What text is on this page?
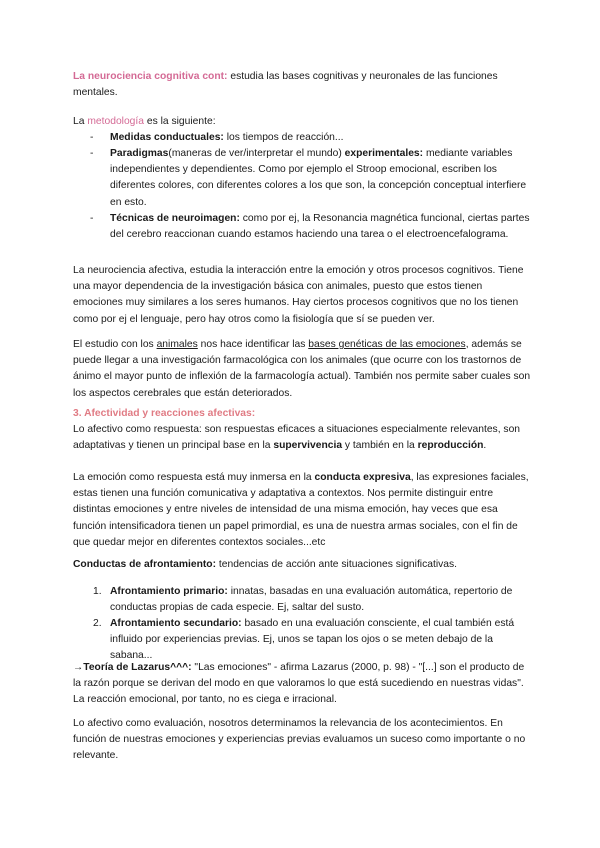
La neurociencia cognitiva cont: estudia las bases cognitivas y neuronales de las funciones mentales.

La metodología es la siguiente:

- Medidas conductuales: los tiempos de reacción...

- Paradigmas(maneras de ver/interpretar el mundo) experimentales: mediante variables independientes y dependientes. Como por ejemplo el Stroop emocional, escriben los diferentes colores, con diferentes colores a los que son, la concepción conceptual interfiere en esto.

- Técnicas de neuroimagen: como por ej, la Resonancia magnética funcional, ciertas partes del cerebro reaccionan cuando estamos haciendo una tarea o el electroencefalograma.

La neurociencia afectiva, estudia la interacción entre la emoción y otros procesos cognitivos. Tiene una mayor dependencia de la investigación básica con animales, puesto que estos tienen emociones muy similares a los seres humanos. Hay ciertos procesos cognitivos que no los tienen como por ej el lenguaje, pero hay otros como la fisiología que sí se pueden ver.

El estudio con los animales nos hace identificar las bases genéticas de las emociones, además se puede llegar a una investigación farmacológica con los animales (que ocurre con los trastornos de ánimo el mayor punto de inflexión de la farmacología actual). También nos permite saber cuales son los aspectos cerebrales que están deteriorados.

3. Afectividad y reacciones afectivas:

Lo afectivo como respuesta: son respuestas eficaces a situaciones especialmente relevantes, son adaptativas y tienen un principal base en la supervivencia y también en la reproducción.

La emoción como respuesta está muy inmersa en la conducta expresiva, las expresiones faciales, estas tienen una función comunicativa y adaptativa a contextos. Nos permite distinguir entre distintas emociones y entre niveles de intensidad de una misma emoción, hay veces que esa función intensificadora tienen un papel primordial, es una de nuestra armas sociales, con el fin de que quedar mejor en diferentes contextos sociales...etc

Conductas de afrontamiento: tendencias de acción ante situaciones significativas.

1. Afrontamiento primario: innatas, basadas en una evaluación automática, repertorio de conductas propias de cada especie. Ej, saltar del susto.

2. Afrontamiento secundario: basado en una evaluación consciente, el cual también está influido por experiencias previas. Ej, unos se tapan los ojos o se meten debajo de la sabana...

→Teoría de Lazarus^^^: "Las emociones" - afirma Lazarus (2000, p. 98) - "[...] son el producto de la razón porque se derivan del modo en que valoramos lo que está sucediendo en nuestras vidas". La reacción emocional, por tanto, no es ciega e irracional.

Lo afectivo como evaluación, nosotros determinamos la relevancia de los acontecimientos. En función de nuestras emociones y experiencias previas evaluamos un suceso como importante o no relevante.
